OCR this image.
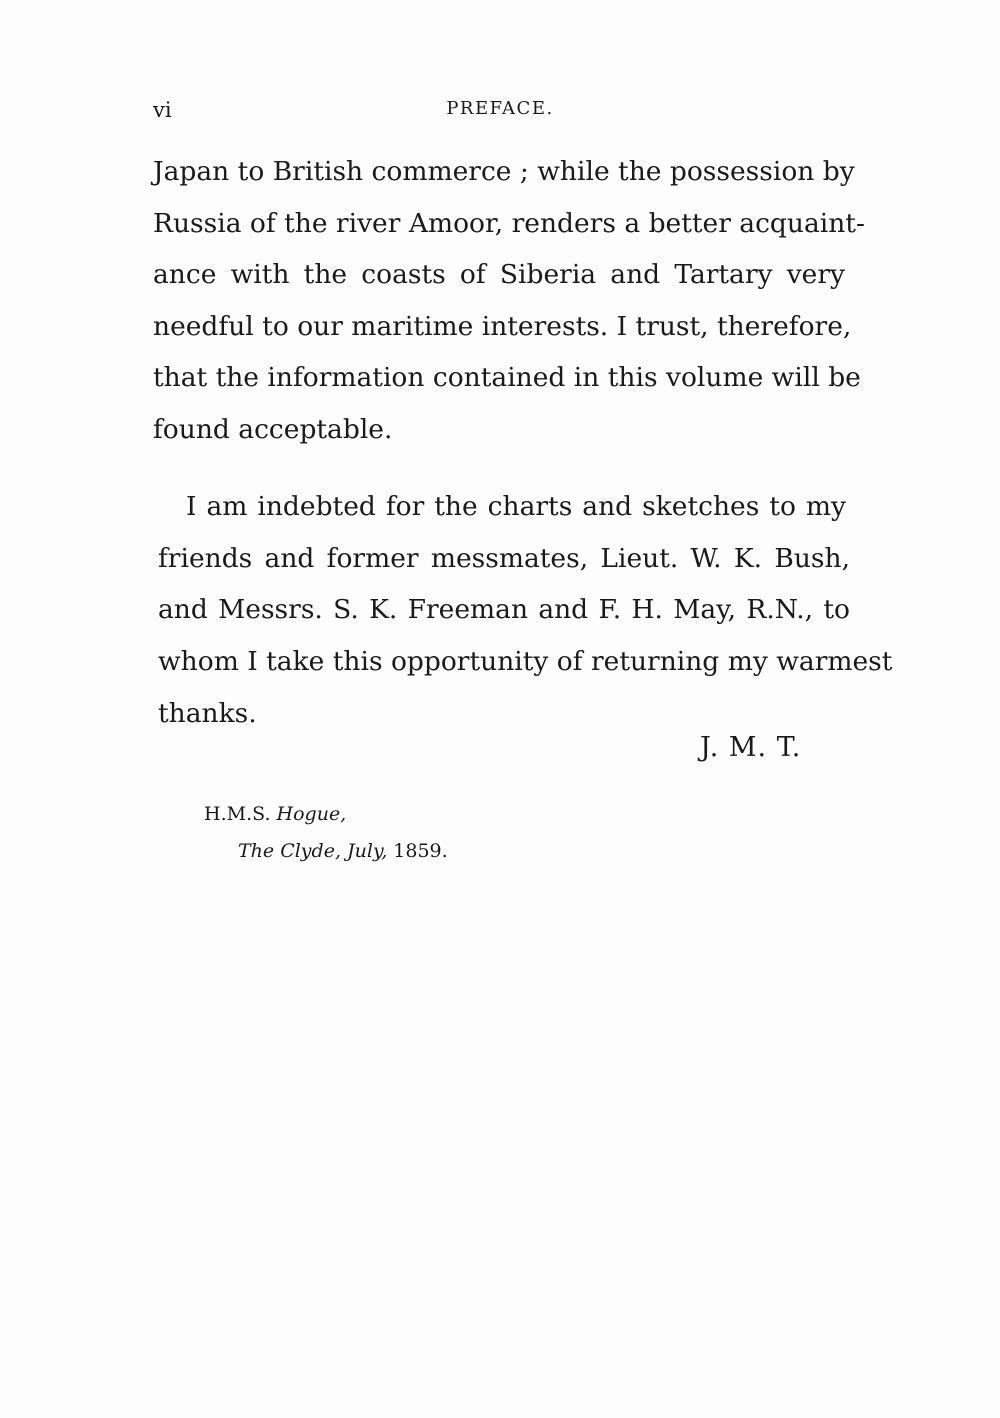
vi	PREFACE.
Japan to British commerce ; while the possession by
Russia of the river Amoor, renders a better acquaint-
ance with the coasts of Siberia and Tartary very
needful to our maritime interests. I trust, therefore,
that the information contained in this volume will be
found acceptable.
I am indebted for the charts and sketches to my
friends and former messmates, Lieut. W. K. Bush,
and Messrs. S. K. Freeman and F. H. May, R.N., to
whom I take this opportunity of returning my warmest
thanks.
J. M. T.
H.M.S. Hogue,
The Clyde, July, 1859.
